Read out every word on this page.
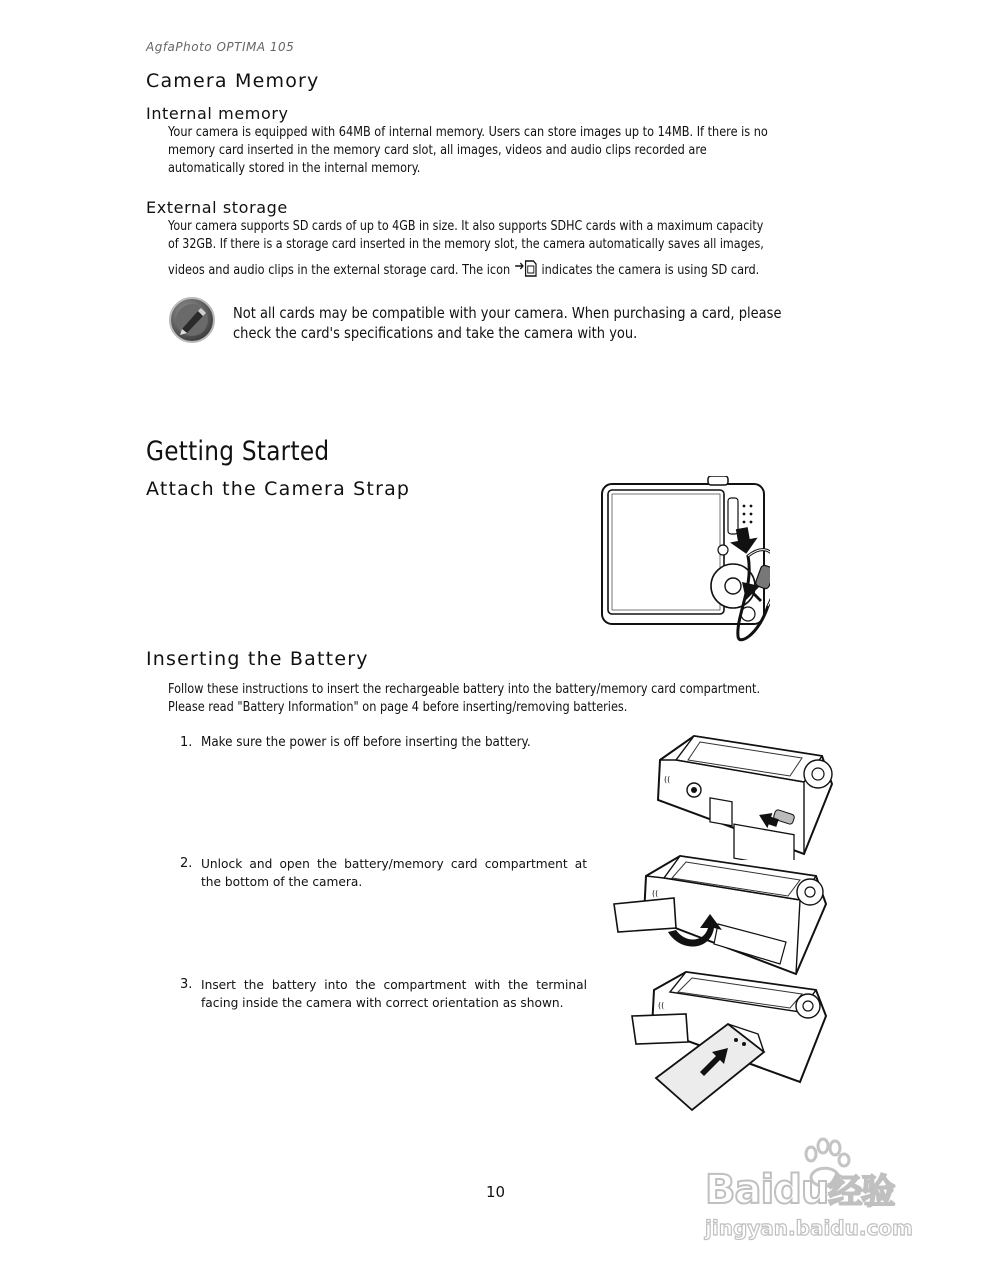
AgfaPhoto OPTIMA 105
Camera Memory
Internal memory
Your camera is equipped with 64MB of internal memory. Users can store images up to 14MB. If there is no
memory card inserted in the memory card slot, all images, videos and audio clips recorded are
automatically stored in the internal memory.
External storage
Your camera supports SD cards of up to 4GB in size. It also supports SDHC cards with a maximum capacity
of 32GB. If there is a storage card inserted in the memory slot, the camera automatically saves all images,
videos and audio clips in the external storage card. The icon indicates the camera is using SD card.
Not all cards may be compatible with your camera. When purchasing a card, please
check the card's specifications and take the camera with you.
Getting Started
Attach the Camera Strap
Inserting the Battery
Follow these instructions to insert the rechargeable battery into the battery/memory card compartment.
Please read "Battery Information" on page 4 before inserting/removing batteries.
1. Make sure the power is off before inserting the battery.
2. Unlock and open the battery/memory card compartment at the bottom of the camera.
3. Insert the battery into the compartment with the terminal facing inside the camera with correct orientation as shown.
((
((
((
10	Baidu经验
jingyan.baidu.com
